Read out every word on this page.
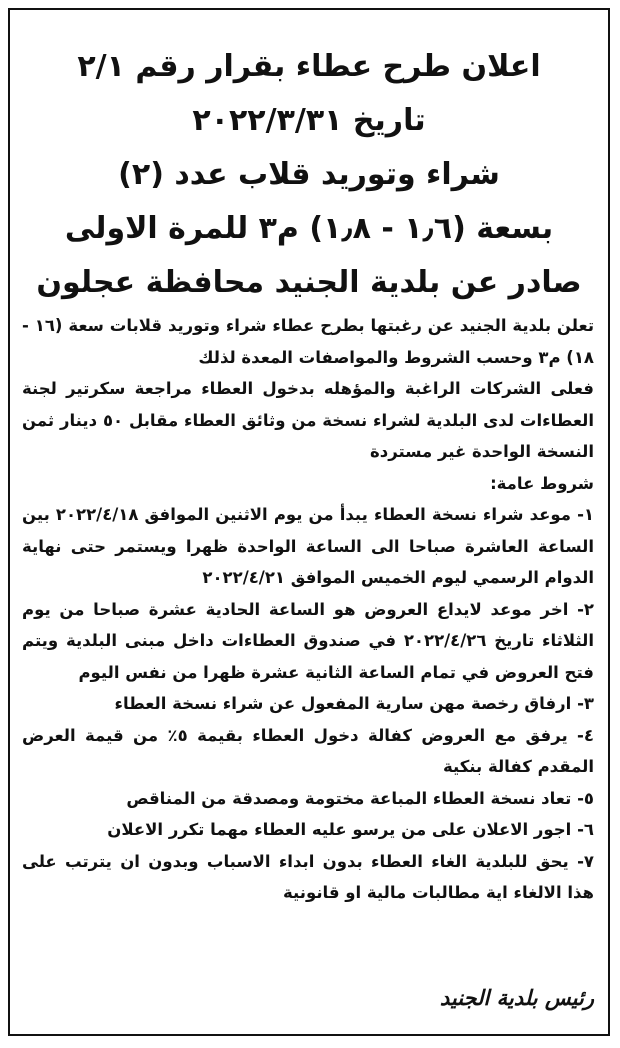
اعلان طرح عطاء بقرار رقم ٢/١
تاريخ ٢٠٢٢/٣/٣١
شراء وتوريد قلاب عدد (٢)
بسعة (١٫٦ - ١٫٨) م٣ للمرة الاولى
صادر عن بلدية الجنيد محافظة عجلون

تعلن بلدية الجنيد عن رغبتها بطرح عطاء شراء وتوريد قلابات سعة (١٦ - ١٨) م٣ وحسب الشروط والمواصفات المعدة لذلك

فعلى الشركات الراغبة والمؤهله بدخول العطاء مراجعة سكرتير لجنة العطاءات لدى البلدية لشراء نسخة من وثائق العطاء مقابل ٥٠ دينار ثمن النسخة الواحدة غير مستردة

شروط عامة:

١- موعد شراء نسخة العطاء يبدأ من يوم الاثنين الموافق ٢٠٢٢/٤/١٨ بين الساعة العاشرة صباحا الى الساعة الواحدة ظهرا ويستمر حتى نهاية الدوام الرسمي ليوم الخميس الموافق ٢٠٢٢/٤/٢١

٢- اخر موعد لايداع العروض هو الساعة الحادية عشرة صباحا من يوم الثلاثاء تاريخ ٢٠٢٢/٤/٢٦ في صندوق العطاءات داخل مبنى البلدية ويتم فتح العروض في تمام الساعة الثانية عشرة ظهرا من نفس اليوم

٣- ارفاق رخصة مهن سارية المفعول عن شراء نسخة العطاء

٤- يرفق مع العروض كفالة دخول العطاء بقيمة ٥٪ من قيمة العرض المقدم كفالة بنكية

٥- تعاد نسخة العطاء المباعة مختومة ومصدقة من المناقص

٦- اجور الاعلان على من يرسو عليه العطاء مهما تكرر الاعلان

٧- يحق للبلدية الغاء العطاء بدون ابداء الاسباب وبدون ان يترتب على هذا الالغاء اية مطالبات مالية او قانونية

رئيس بلدية الجنيد
